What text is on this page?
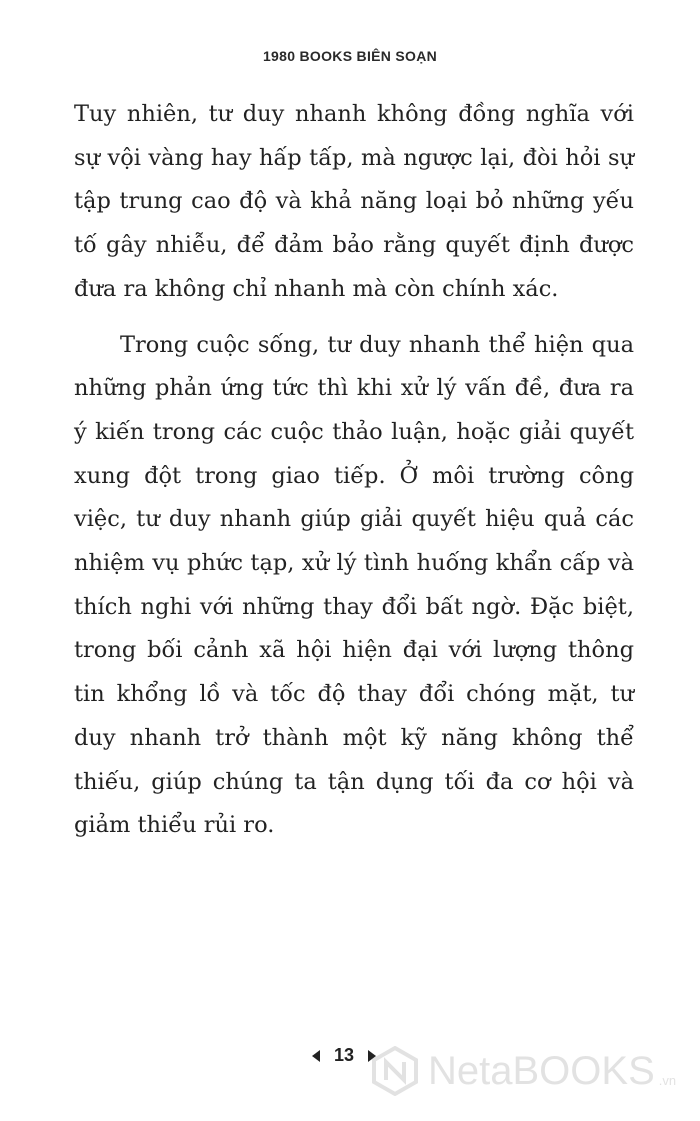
1980 BOOKS BIÊN SOẠN

Tuy nhiên, tư duy nhanh không đồng nghĩa với sự vội vàng hay hấp tấp, mà ngược lại, đòi hỏi sự tập trung cao độ và khả năng loại bỏ những yếu tố gây nhiễu, để đảm bảo rằng quyết định được đưa ra không chỉ nhanh mà còn chính xác.

Trong cuộc sống, tư duy nhanh thể hiện qua những phản ứng tức thì khi xử lý vấn đề, đưa ra ý kiến trong các cuộc thảo luận, hoặc giải quyết xung đột trong giao tiếp. Ở môi trường công việc, tư duy nhanh giúp giải quyết hiệu quả các nhiệm vụ phức tạp, xử lý tình huống khẩn cấp và thích nghi với những thay đổi bất ngờ. Đặc biệt, trong bối cảnh xã hội hiện đại với lượng thông tin khổng lồ và tốc độ thay đổi chóng mặt, tư duy nhanh trở thành một kỹ năng không thể thiếu, giúp chúng ta tận dụng tối đa cơ hội và giảm thiểu rủi ro.

13 NetaBOOKS .vn
